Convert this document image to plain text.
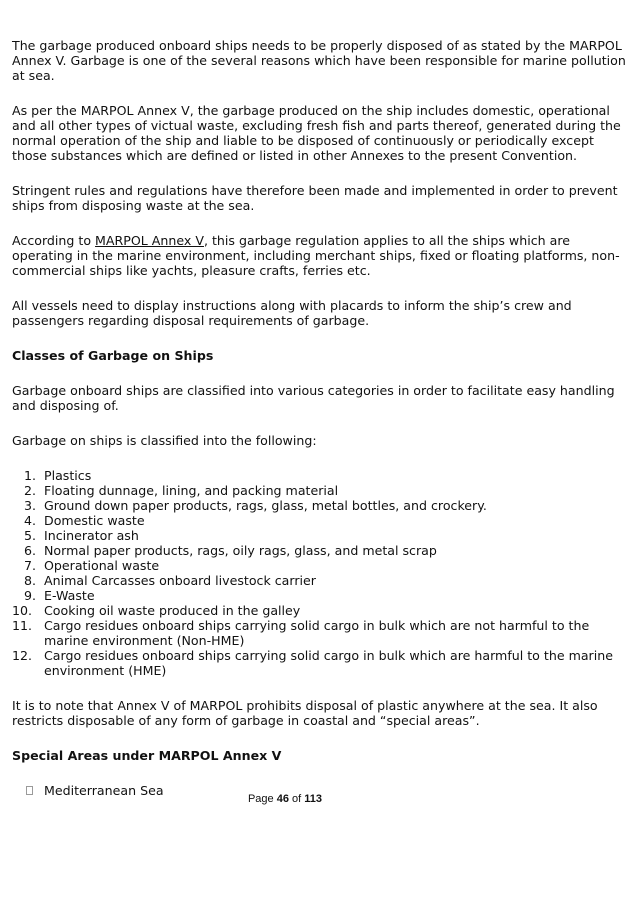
The garbage produced onboard ships needs to be properly disposed of as stated by the MARPOL Annex V. Garbage is one of the several reasons which have been responsible for marine pollution at sea.

As per the MARPOL Annex V, the garbage produced on the ship includes domestic, operational and all other types of victual waste, excluding fresh fish and parts thereof, generated during the normal operation of the ship and liable to be disposed of continuously or periodically except those substances which are defined or listed in other Annexes to the present Convention.

Stringent rules and regulations have therefore been made and implemented in order to prevent ships from disposing waste at the sea.

According to MARPOL Annex V, this garbage regulation applies to all the ships which are operating in the marine environment, including merchant ships, fixed or floating platforms, non-commercial ships like yachts, pleasure crafts, ferries etc.

All vessels need to display instructions along with placards to inform the ship’s crew and passengers regarding disposal requirements of garbage.

Classes of Garbage on Ships

Garbage onboard ships are classified into various categories in order to facilitate easy handling and disposing of.

Garbage on ships is classified into the following:

1. Plastics
2. Floating dunnage, lining, and packing material
3. Ground down paper products, rags, glass, metal bottles, and crockery.
4. Domestic waste
5. Incinerator ash
6. Normal paper products, rags, oily rags, glass, and metal scrap
7. Operational waste
8. Animal Carcasses onboard livestock carrier
9. E-Waste
10. Cooking oil waste produced in the galley
11. Cargo residues onboard ships carrying solid cargo in bulk which are not harmful to the marine environment (Non-HME)
12. Cargo residues onboard ships carrying solid cargo in bulk which are harmful to the marine environment (HME)

It is to note that Annex V of MARPOL prohibits disposal of plastic anywhere at the sea. It also restricts disposable of any form of garbage in coastal and “special areas”.

Special Areas under MARPOL Annex V

Mediterranean Sea
Page 46 of 113
